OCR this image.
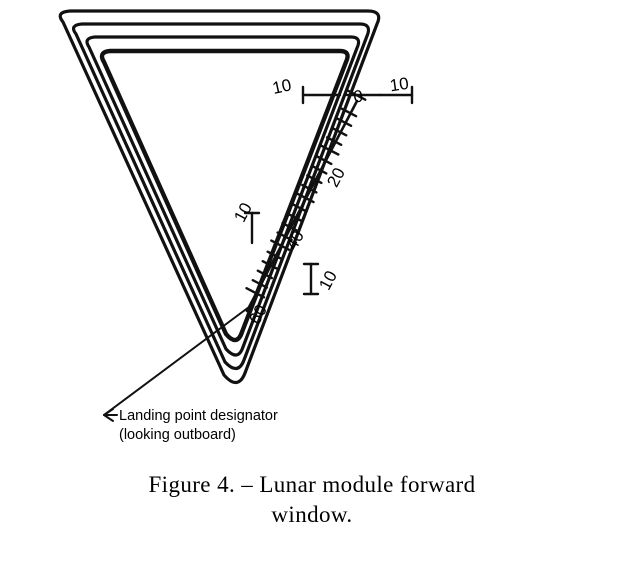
10	0
10
20
40
60
10
10
Landing point designator
(looking outboard)
Figure 4. – Lunar module forward
window.
